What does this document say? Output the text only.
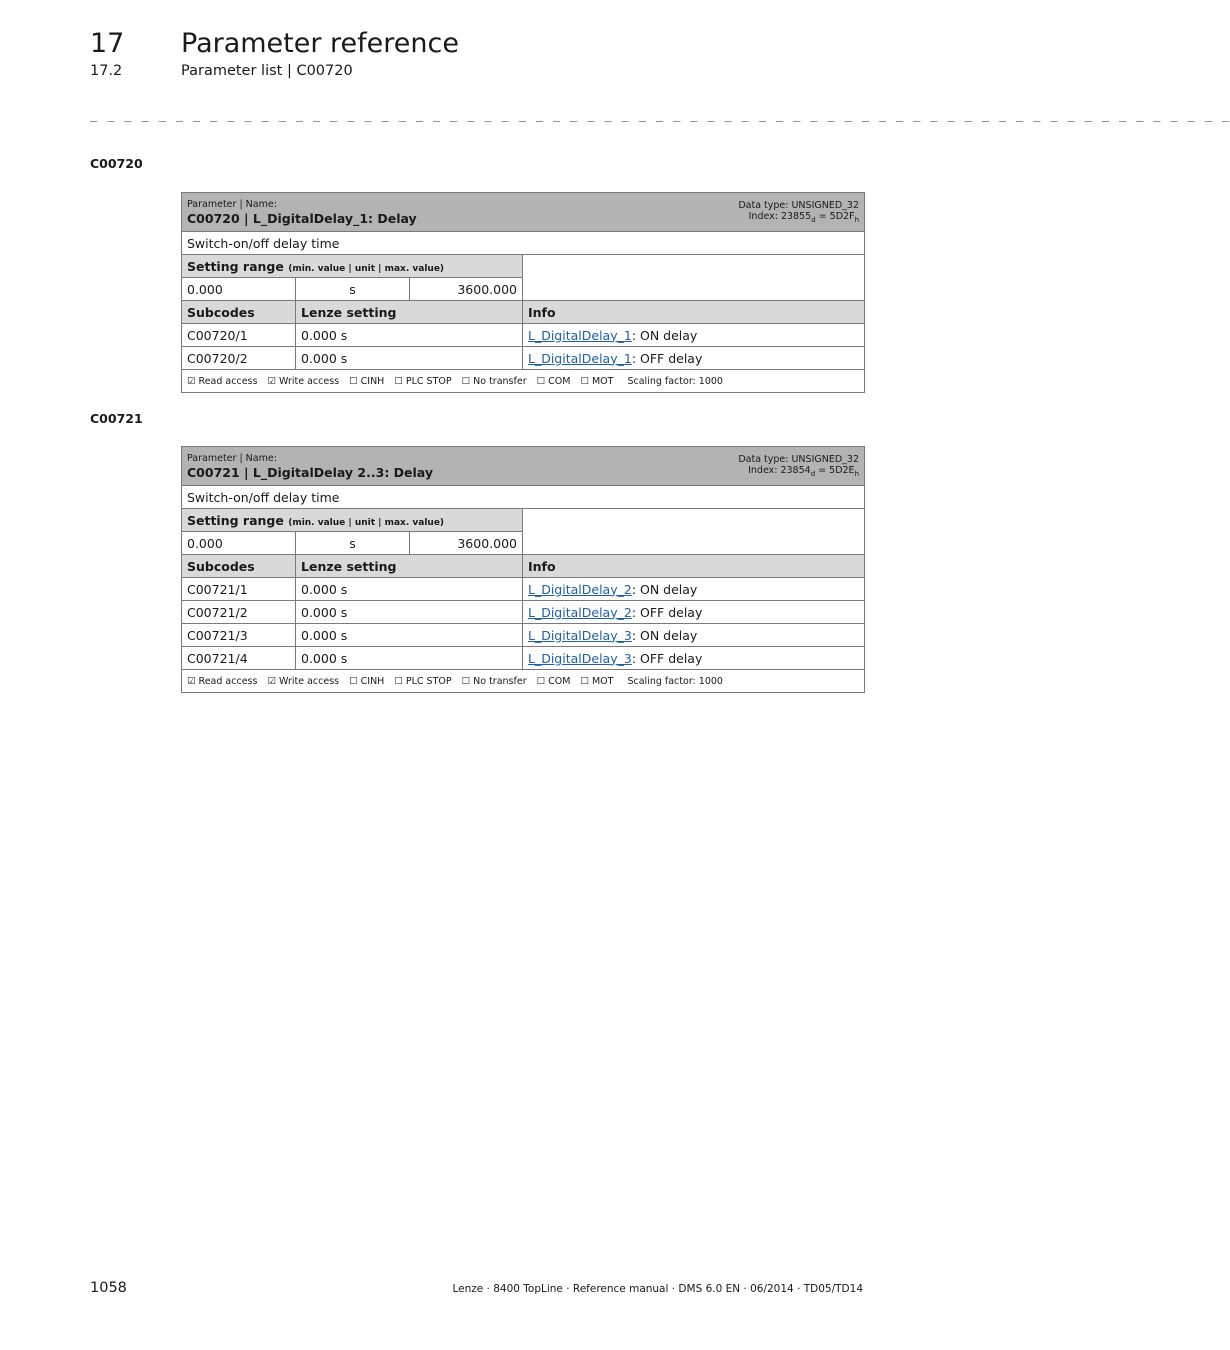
17 Parameter reference
17.2	Parameter list | C00720
_ _ _ _ _ _ _ _ _ _ _ _ _ _ _ _ _ _ _ _ _ _ _ _ _ _ _ _ _ _ _ _ _ _ _ _ _ _ _ _ _ _ _ _ _ _ _ _ _ _ _ _ _ _ _ _ _ _ _ _ _ _ _ _ _ _ _
C00720
Parameter | Name:
C00720 | L_DigitalDelay_1: Delay
Data type: UNSIGNED_32
Index: $23855_d = 5D2F_h$

Switch-on/off delay time			
Setting range (min. value | unit | max. value)			
0.000	s	3600.000	
Subcodes	Lenze setting		Info
C00720/1	0.000 s		L_DigitalDelay_1: ON delay
C00720/2	0.000 s		L_DigitalDelay_1: OFF delay
☑ Read access ☑ Write access ☐ CINH ☐ PLC STOP ☐ No transfer ☐ COM ☐ MOT Scaling factor: 1000			
C00721
Parameter | Name:
C00721 | L_DigitalDelay 2..3: Delay
Data type: UNSIGNED_32
Index: $23854_d = 5D2E_h$

Switch-on/off delay time			
Setting range (min. value | unit | max. value)			
0.000	s	3600.000	
Subcodes	Lenze setting		Info
C00721/1	0.000 s		L_DigitalDelay_2: ON delay
C00721/2	0.000 s		L_DigitalDelay_2: OFF delay
C00721/3	0.000 s		L_DigitalDelay_3: ON delay
C00721/4	0.000 s		L_DigitalDelay_3: OFF delay
☑ Read access ☑ Write access ☐ CINH ☐ PLC STOP ☐ No transfer ☐ COM ☐ MOT Scaling factor: 1000			
1058	Lenze · 8400 TopLine · Reference manual · DMS 6.0 EN · 06/2014 · TD05/TD14
